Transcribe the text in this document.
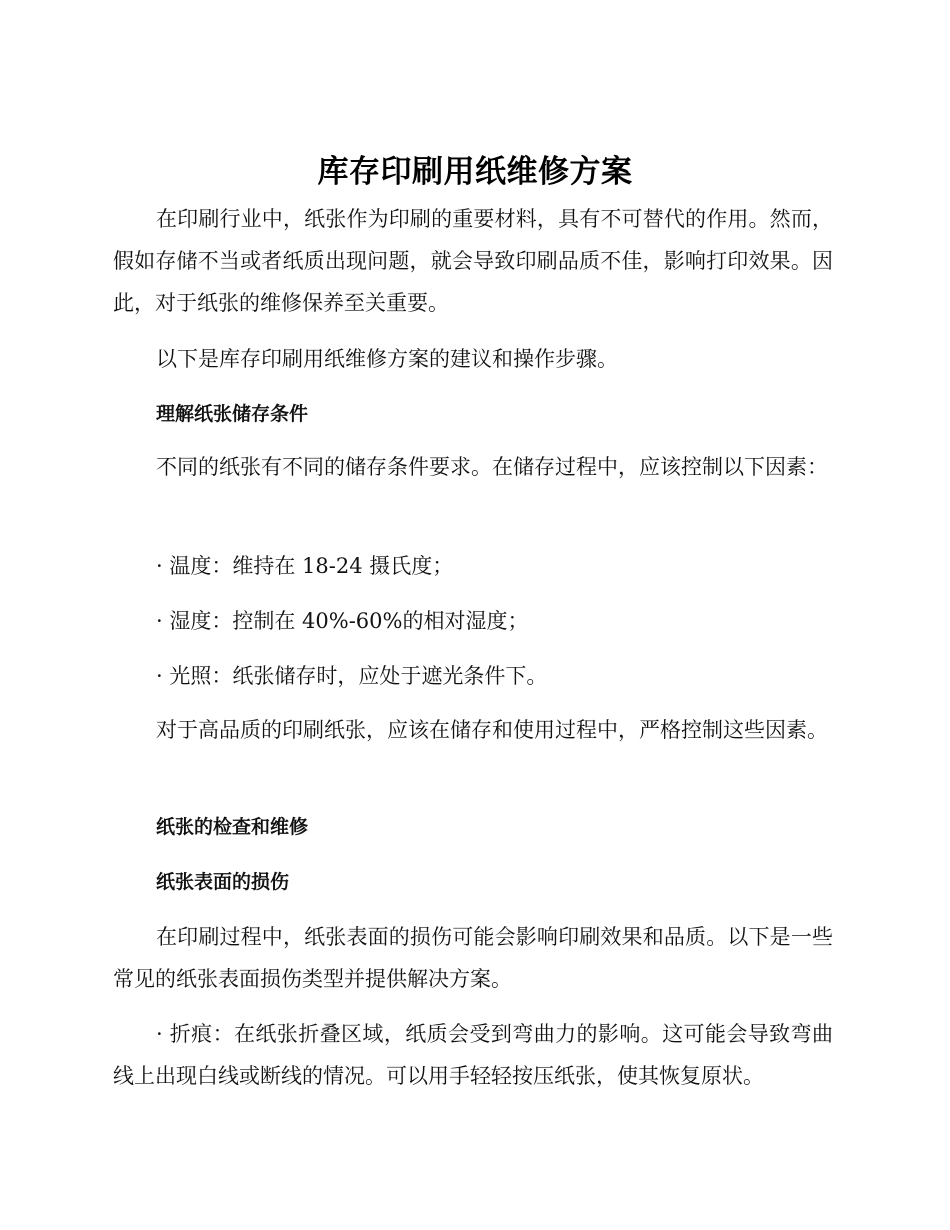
库存印刷用纸维修方案
在印刷行业中，纸张作为印刷的重要材料，具有不可替代的作用。然而，假如存储不当或者纸质出现问题，就会导致印刷品质不佳，影响打印效果。因此，对于纸张的维修保养至关重要。
以下是库存印刷用纸维修方案的建议和操作步骤。
理解纸张储存条件
不同的纸张有不同的储存条件要求。在储存过程中，应该控制以下因素：
· 温度：维持在 18-24 摄氏度；
· 湿度：控制在 40%-60%的相对湿度；
· 光照：纸张储存时，应处于遮光条件下。
对于高品质的印刷纸张，应该在储存和使用过程中，严格控制这些因素。
纸张的检查和维修
纸张表面的损伤
在印刷过程中，纸张表面的损伤可能会影响印刷效果和品质。以下是一些常见的纸张表面损伤类型并提供解决方案。
· 折痕：在纸张折叠区域，纸质会受到弯曲力的影响。这可能会导致弯曲线上出现白线或断线的情况。可以用手轻轻按压纸张，使其恢复原状。
